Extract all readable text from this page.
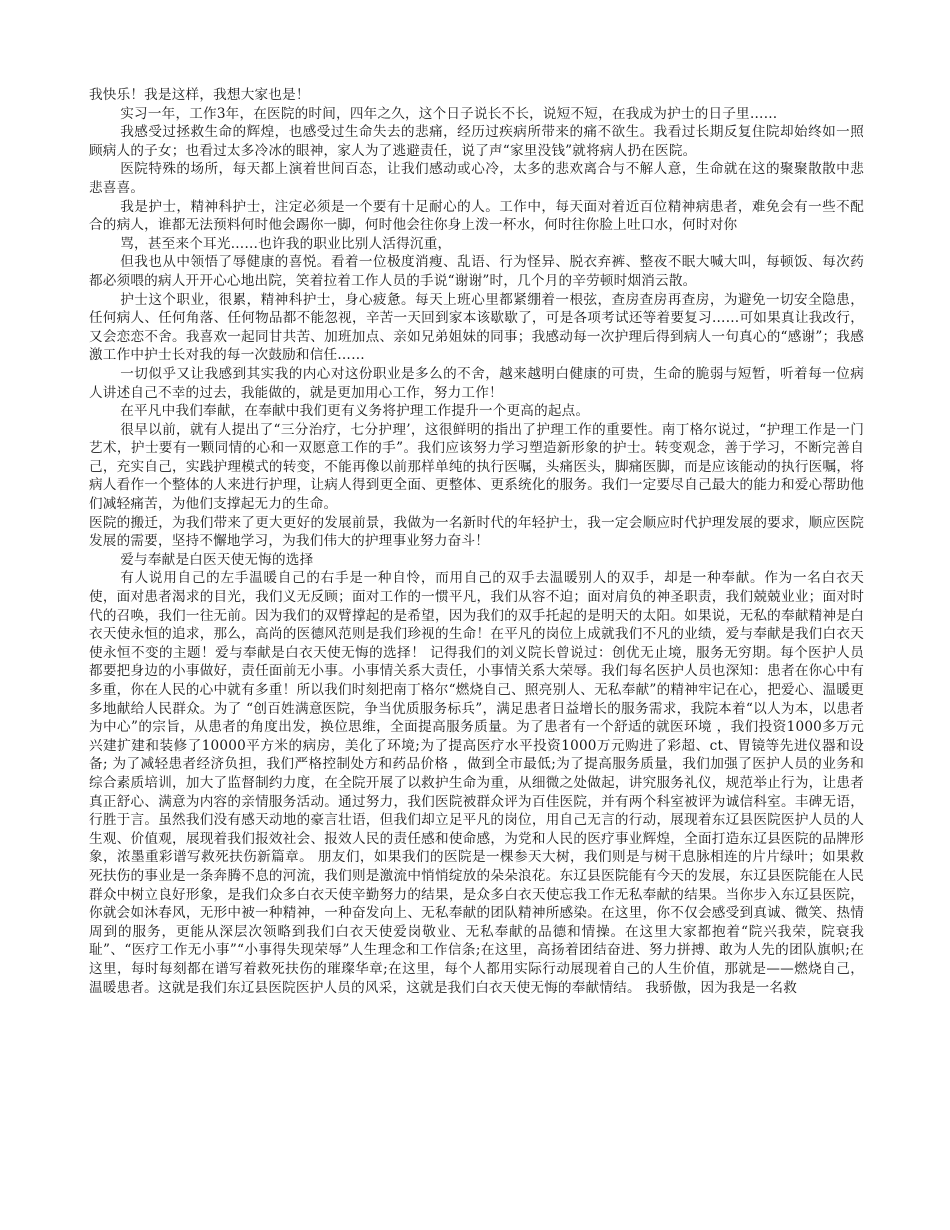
我快乐！我是这样，我想大家也是！

实习一年，工作3年，在医院的时间，四年之久，这个日子说长不长，说短不短，在我成为护士的日子里……

我感受过拯救生命的辉煌，也感受过生命失去的悲痛，经历过疾病所带来的痛不欲生。我看过长期反复住院却始终如一照顾病人的子女；也看过太多冷冰的眼神，家人为了逃避责任，说了声“家里没钱”就将病人扔在医院。

医院特殊的场所，每天都上演着世间百态，让我们感动或心冷，太多的悲欢离合与不解人意，生命就在这的聚聚散散中悲悲喜喜。

我是护士，精神科护士，注定必须是一个要有十足耐心的人。工作中，每天面对着近百位精神病患者，难免会有一些不配合的病人，谁都无法预料何时他会踢你一脚，何时他会往你身上泼一杯水，何时往你脸上吐口水，何时对你

骂，甚至来个耳光……也许我的职业比别人活得沉重，

但我也从中领悟了辱健康的喜悦。看着一位极度消瘦、乱语、行为怪异、脱衣弃裤、整夜不眠大喊大叫，每顿饭、每次药都必须喂的病人开开心心地出院，笑着拉着工作人员的手说“谢谢”时，几个月的辛劳顿时烟消云散。

护士这个职业，很累，精神科护士，身心疲惫。每天上班心里都紧绷着一根弦，查房查房再查房，为避免一切安全隐患，任何病人、任何角落、任何物品都不能忽视，辛苦一天回到家本该歇歇了，可是各项考试还等着要复习……可如果真让我改行，又会恋恋不舍。我喜欢一起同甘共苦、加班加点、亲如兄弟姐妹的同事；我感动每一次护理后得到病人一句真心的“感谢”；我感激工作中护士长对我的每一次鼓励和信任……

一切似乎又让我感到其实我的内心对这份职业是多么的不舍，越来越明白健康的可贵，生命的脆弱与短暂，听着每一位病人讲述自己不幸的过去，我能做的，就是更加用心工作，努力工作！

在平凡中我们奉献，在奉献中我们更有义务将护理工作提升一个更高的起点。

很早以前，就有人提出了“三分治疗，七分护理’，这很鲜明的指出了护理工作的重要性。南丁格尔说过，“护理工作是一门艺术，护士要有一颗同情的心和一双愿意工作的手”。我们应该努力学习塑造新形象的护士。转变观念，善于学习，不断完善自己，充实自己，实践护理模式的转变，不能再像以前那样单纯的执行医嘱，头痛医头，脚痛医脚，而是应该能动的执行医嘱，将病人看作一个整体的人来进行护理，让病人得到更全面、更整体、更系统化的服务。我们一定要尽自己最大的能力和爱心帮助他们减轻痛苦，为他们支撑起无力的生命。

医院的搬迁，为我们带来了更大更好的发展前景，我做为一名新时代的年轻护士，我一定会顺应时代护理发展的要求，顺应医院发展的需要，坚持不懈地学习，为我们伟大的护理事业努力奋斗！

爱与奉献是白医天使无悔的选择

有人说用自己的左手温暖自己的右手是一种自怜，而用自己的双手去温暖别人的双手，却是一种奉献。作为一名白衣天使，面对患者渴求的目光，我们义无反顾；面对工作的一惯平凡，我们从容不迫；面对肩负的神圣职责，我们兢兢业业；面对时代的召唤，我们一往无前。因为我们的双臂撑起的是希望，因为我们的双手托起的是明天的太阳。如果说，无私的奉献精神是白衣天使永恒的追求，那么，高尚的医德风范则是我们珍视的生命！在平凡的岗位上成就我们不凡的业绩，爱与奉献是我们白衣天使永恒不变的主题！爱与奉献是白衣天使无悔的选择！ 记得我们的刘义院长曾说过：创优无止境，服务无穷期。每个医护人员都要把身边的小事做好，责任面前无小事。小事情关系大责任，小事情关系大荣辱。我们每名医护人员也深知：患者在你心中有多重，你在人民的心中就有多重！所以我们时刻把南丁格尔“燃烧自己、照亮别人、无私奉献”的精神牢记在心，把爱心、温暖更多地献给人民群众。为了 “创百姓满意医院，争当优质服务标兵”，满足患者日益增长的服务需求，我院本着“以人为本，以患者为中心”的宗旨，从患者的角度出发，换位思维，全面提高服务质量。为了患者有一个舒适的就医环境 ，我们投资1000多万元兴建扩建和装修了10000平方米的病房，美化了环境;为了提高医疗水平投资1000万元购进了彩超、ct、胃镜等先进仪器和设备; 为了减轻患者经济负担，我们严格控制处方和药品价格 ，做到全市最低;为了提高服务质量，我们加强了医护人员的业务和综合素质培训，加大了监督制约力度，在全院开展了以救护生命为重，从细微之处做起，讲究服务礼仪，规范举止行为，让患者真正舒心、满意为内容的亲情服务活动。通过努力，我们医院被群众评为百佳医院，并有两个科室被评为诚信科室。丰碑无语，行胜于言。虽然我们没有感天动地的豪言壮语，但我们却立足平凡的岗位，用自己无言的行动，展现着东辽县医院医护人员的人生观、价值观，展现着我们报效社会、报效人民的责任感和使命感，为党和人民的医疗事业辉煌，全面打造东辽县医院的品牌形象，浓墨重彩谱写救死扶伤新篇章。 朋友们，如果我们的医院是一棵参天大树，我们则是与树干息脉相连的片片绿叶；如果救死扶伤的事业是一条奔腾不息的河流，我们则是激流中悄悄绽放的朵朵浪花。东辽县医院能有今天的发展，东辽县医院能在人民群众中树立良好形象，是我们众多白衣天使辛勤努力的结果，是众多白衣天使忘我工作无私奉献的结果。当你步入东辽县医院，你就会如沐春风，无形中被一种精神，一种奋发向上、无私奉献的团队精神所感染。在这里，你不仅会感受到真诚、微笑、热情周到的服务，更能从深层次领略到我们白衣天使爱岗敬业、无私奉献的品德和情操。在这里大家都抱着“院兴我荣，院衰我耻”、“医疗工作无小事”“小事得失现荣辱”人生理念和工作信条;在这里，高扬着团结奋进、努力拼搏、敢为人先的团队旗帜;在这里，每时每刻都在谱写着救死扶伤的璀璨华章;在这里，每个人都用实际行动展现着自己的人生价值，那就是——燃烧自己，温暖患者。这就是我们东辽县医院医护人员的风采，这就是我们白衣天使无悔的奉献情结。 我骄傲，因为我是一名救
